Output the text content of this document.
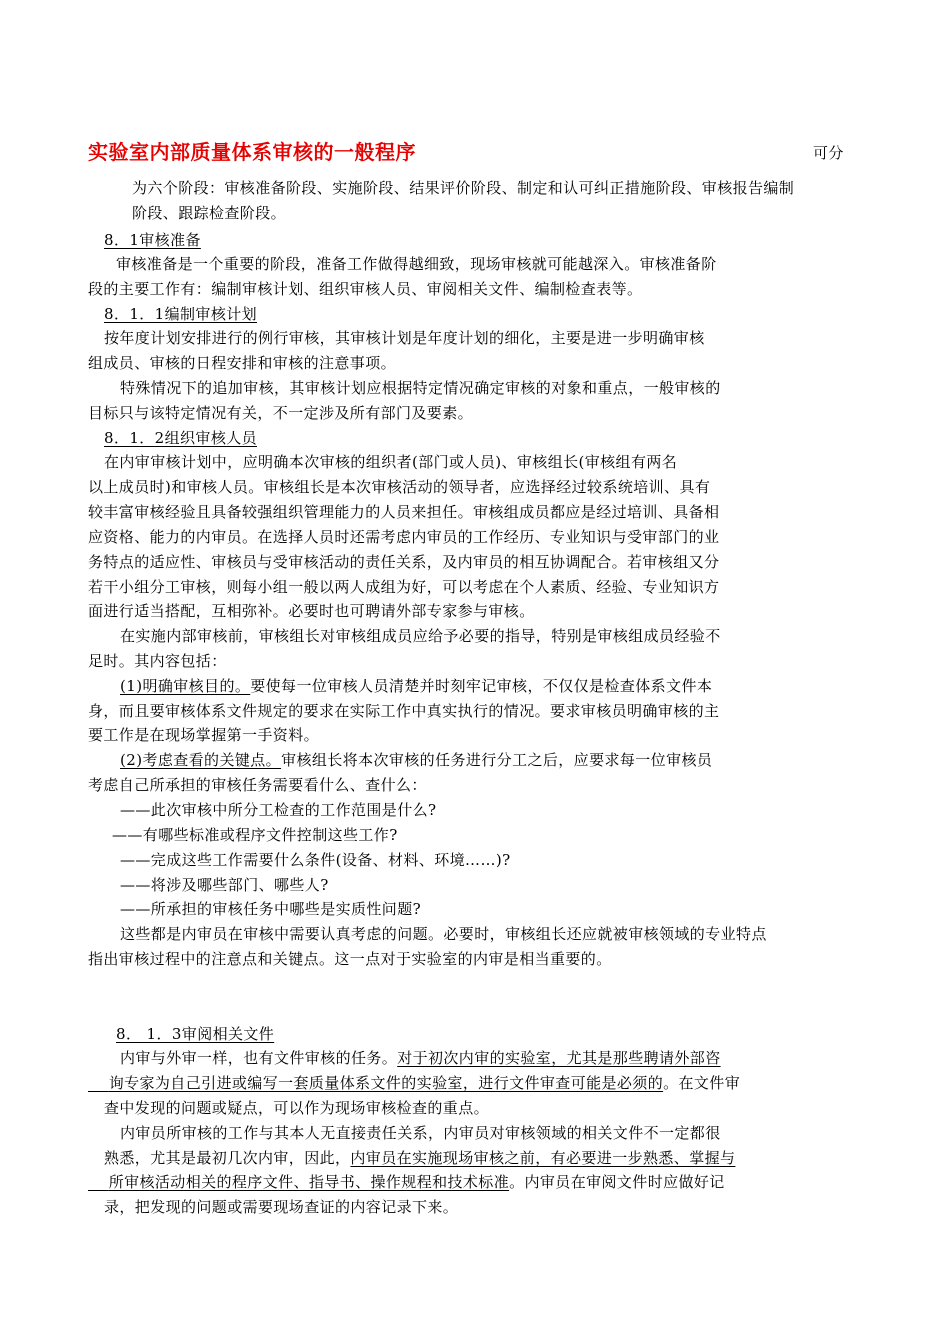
实验室内部质量体系审核的一般程序	可分
为六个阶段：审核准备阶段、实施阶段、结果评价阶段、制定和认可纠正措施阶段、审核报告编制
阶段、跟踪检查阶段。
8．1审核准备
审核准备是一个重要的阶段，准备工作做得越细致，现场审核就可能越深入。审核准备阶
段的主要工作有：编制审核计划、组织审核人员、审阅相关文件、编制检查表等。
8．1．1编制审核计划
按年度计划安排进行的例行审核，其审核计划是年度计划的细化，主要是进一步明确审核
组成员、审核的日程安排和审核的注意事项。
特殊情况下的追加审核，其审核计划应根据特定情况确定审核的对象和重点，一般审核的
目标只与该特定情况有关，不一定涉及所有部门及要素。
8．1．2组织审核人员
在内审审核计划中，应明确本次审核的组织者(部门或人员)、审核组长(审核组有两名
以上成员时)和审核人员。审核组长是本次审核活动的领导者，应选择经过较系统培训、具有
较丰富审核经验且具备较强组织管理能力的人员来担任。审核组成员都应是经过培训、具备相
应资格、能力的内审员。在选择人员时还需考虑内审员的工作经历、专业知识与受审部门的业
务特点的适应性、审核员与受审核活动的责任关系，及内审员的相互协调配合。若审核组又分
若干小组分工审核，则每小组一般以两人成组为好，可以考虑在个人素质、经验、专业知识方
面进行适当搭配，互相弥补。必要时也可聘请外部专家参与审核。
在实施内部审核前，审核组长对审核组成员应给予必要的指导，特别是审核组成员经验不
足时。其内容包括：
(1)明确审核目的。要使每一位审核人员清楚并时刻牢记审核，不仅仅是检查体系文件本
身，而且要审核体系文件规定的要求在实际工作中真实执行的情况。要求审核员明确审核的主
要工作是在现场掌握第一手资料。
(2)考虑查看的关键点。审核组长将本次审核的任务进行分工之后，应要求每一位审核员
考虑自己所承担的审核任务需要看什么、查什么：
——此次审核中所分工检查的工作范围是什么?
——有哪些标准或程序文件控制这些工作?
——完成这些工作需要什么条件(设备、材料、环境……)?
——将涉及哪些部门、哪些人?
——所承担的审核任务中哪些是实质性问题?
这些都是内审员在审核中需要认真考虑的问题。必要时，审核组长还应就被审核领域的专业特点
指出审核过程中的注意点和关键点。这一点对于实验室的内审是相当重要的。
8． 1．3审阅相关文件
内审与外审一样，也有文件审核的任务。对于初次内审的实验室，尤其是那些聘请外部咨
询专家为自己引进或编写一套质量体系文件的实验室，进行文件审查可能是必须的。在文件审
查中发现的问题或疑点，可以作为现场审核检查的重点。
内审员所审核的工作与其本人无直接责任关系，内审员对审核领域的相关文件不一定都很
熟悉，尤其是最初几次内审，因此，内审员在实施现场审核之前，有必要进一步熟悉、掌握与
所审核活动相关的程序文件、指导书、操作规程和技术标准。内审员在审阅文件时应做好记
录，把发现的问题或需要现场查证的内容记录下来。
